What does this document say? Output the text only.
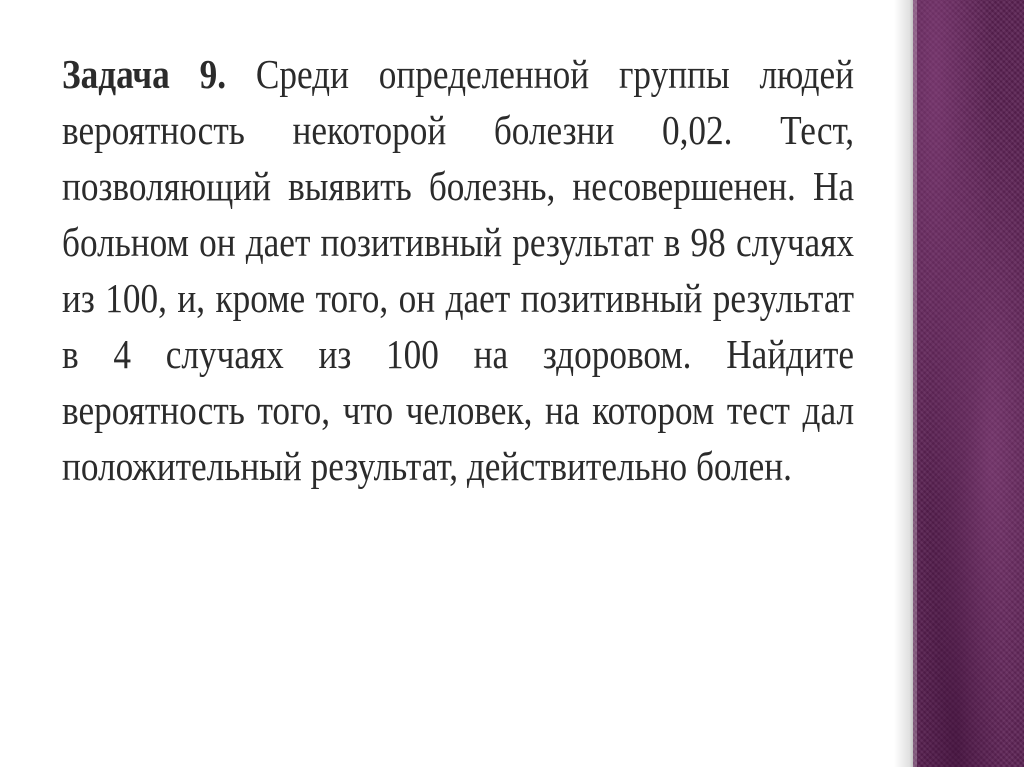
Задача 9. Среди определенной группы людей вероятность некоторой болезни 0,02. Тест, позволяющий выявить болезнь, несовершенен. На больном он дает позитивный результат в 98 случаях из 100, и, кроме того, он дает позитивный результат в 4 случаях из 100 на здоровом. Найдите вероятность того, что человек, на котором тест дал положительный результат, действительно болен.
